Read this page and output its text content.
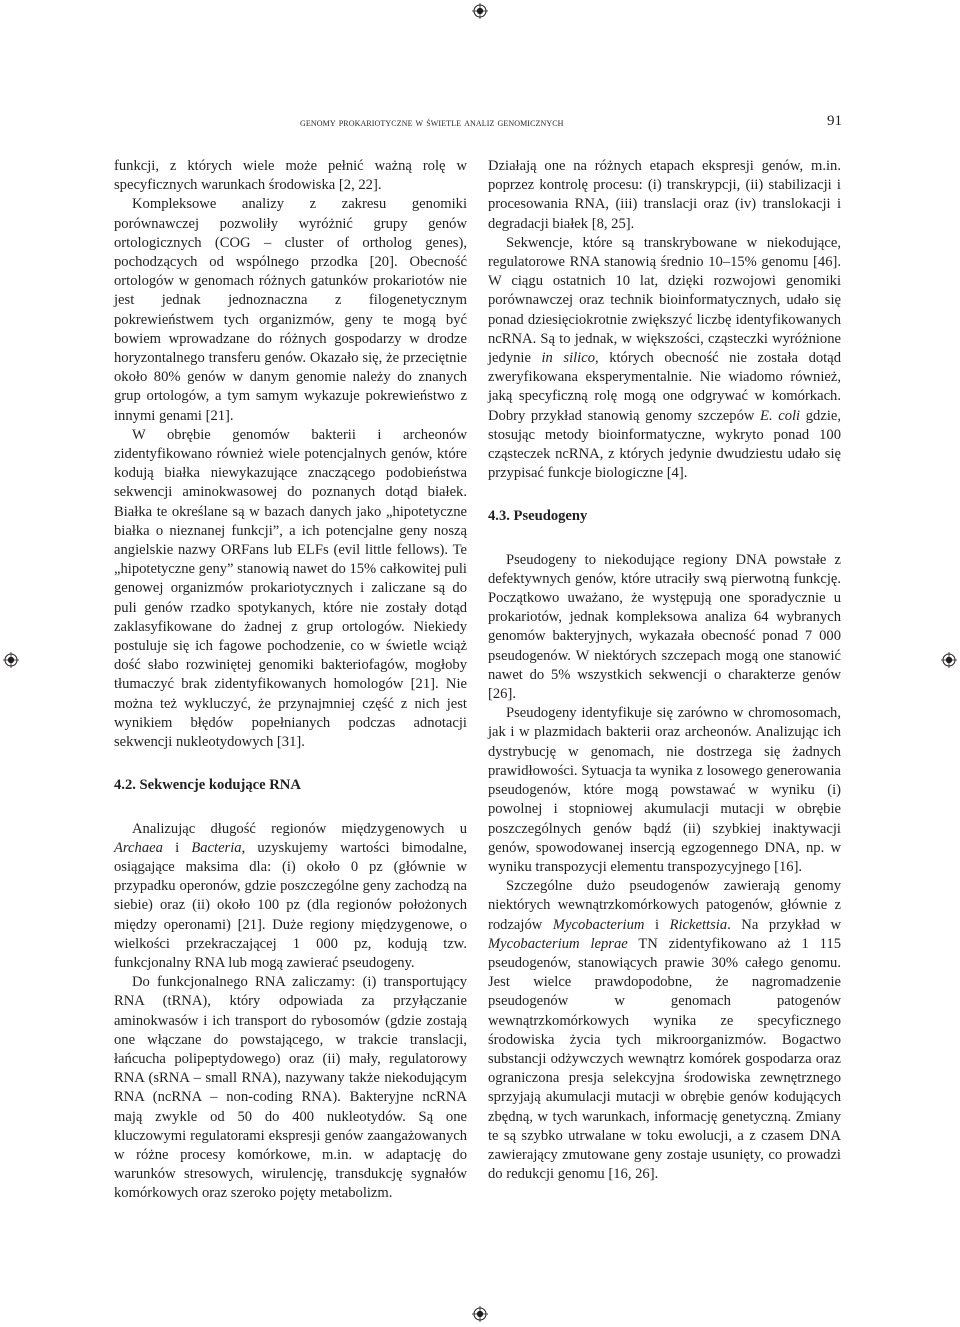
genomy prokariotyczne w świetle analiz genomicznych	91

funkcji, z których wiele może pełnić ważną rolę w specyficznych warunkach środowiska [2, 22].

Kompleksowe analizy z zakresu genomiki porównawczej pozwoliły wyróżnić grupy genów ortologicznych (COG – cluster of ortholog genes), pochodzących od wspólnego przodka [20]. Obecność ortologów w genomach różnych gatunków prokariotów nie jest jednak jednoznaczna z filogenetycznym pokrewieństwem tych organizmów, geny te mogą być bowiem wprowadzane do różnych gospodarzy w drodze horyzontalnego transferu genów. Okazało się, że przeciętnie około 80% genów w danym genomie należy do znanych grup ortologów, a tym samym wykazuje pokrewieństwo z innymi genami [21].

W obrębie genomów bakterii i archeonów zidentyfikowano również wiele potencjalnych genów, które kodują białka niewykazujące znaczącego podobieństwa sekwencji aminokwasowej do poznanych dotąd białek. Białka te określane są w bazach danych jako „hipotetyczne białka o nieznanej funkcji”, a ich potencjalne geny noszą angielskie nazwy ORFans lub ELFs (evil little fellows). Te „hipotetyczne geny” stanowią nawet do 15% całkowitej puli genowej organizmów prokariotycznych i zaliczane są do puli genów rzadko spotykanych, które nie zostały dotąd zaklasyfikowane do żadnej z grup ortologów. Niekiedy postuluje się ich fagowe pochodzenie, co w świetle wciąż dość słabo rozwiniętej genomiki bakteriofagów, mogłoby tłumaczyć brak zidentyfikowanych homologów [21]. Nie można też wykluczyć, że przynajmniej część z nich jest wynikiem błędów popełnianych podczas adnotacji sekwencji nukleotydowych [31].

4.2. Sekwencje kodujące RNA

Analizując długość regionów międzygenowych u Archaea i Bacteria, uzyskujemy wartości bimodalne, osiągające maksima dla: (i) około 0 pz (głównie w przypadku operonów, gdzie poszczególne geny zachodzą na siebie) oraz (ii) około 100 pz (dla regionów położonych między operonami) [21]. Duże regiony międzygenowe, o wielkości przekraczającej 1 000 pz, kodują tzw. funkcjonalny RNA lub mogą zawierać pseudogeny.

Do funkcjonalnego RNA zaliczamy: (i) transportujący RNA (tRNA), który odpowiada za przyłączanie aminokwasów i ich transport do rybosomów (gdzie zostają one włączane do powstającego, w trakcie translacji, łańcucha polipeptydowego) oraz (ii) mały, regulatorowy RNA (sRNA – small RNA), nazywany także niekodującym RNA (ncRNA – non-coding RNA). Bakteryjne ncRNA mają zwykle od 50 do 400 nukleotydów. Są one kluczowymi regulatorami ekspresji genów zaangażowanych w różne procesy komórkowe, m.in. w adaptację do warunków stresowych, wirulencję, transdukcję sygnałów komórkowych oraz szeroko pojęty metabolizm.

Działają one na różnych etapach ekspresji genów, m.in. poprzez kontrolę procesu: (i) transkrypcji, (ii) stabilizacji i procesowania RNA, (iii) translacji oraz (iv) translokacji i degradacji białek [8, 25].

Sekwencje, które są transkrybowane w niekodujące, regulatorowe RNA stanowią średnio 10–15% genomu [46]. W ciągu ostatnich 10 lat, dzięki rozwojowi genomiki porównawczej oraz technik bioinformatycznych, udało się ponad dziesięciokrotnie zwiększyć liczbę identyfikowanych ncRNA. Są to jednak, w większości, cząsteczki wyróżnione jedynie in silico, których obecność nie została dotąd zweryfikowana eksperymentalnie. Nie wiadomo również, jaką specyficzną rolę mogą one odgrywać w komórkach. Dobry przykład stanowią genomy szczepów E. coli gdzie, stosując metody bioinformatyczne, wykryto ponad 100 cząsteczek ncRNA, z których jedynie dwudziestu udało się przypisać funkcje biologiczne [4].

4.3. Pseudogeny

Pseudogeny to niekodujące regiony DNA powstałe z defektywnych genów, które utraciły swą pierwotną funkcję. Początkowo uważano, że występują one sporadycznie u prokariotów, jednak kompleksowa analiza 64 wybranych genomów bakteryjnych, wykazała obecność ponad 7 000 pseudogenów. W niektórych szczepach mogą one stanowić nawet do 5% wszystkich sekwencji o charakterze genów [26].

Pseudogeny identyfikuje się zarówno w chromosomach, jak i w plazmidach bakterii oraz archeonów. Analizując ich dystrybucję w genomach, nie dostrzega się żadnych prawidłowości. Sytuacja ta wynika z losowego generowania pseudogenów, które mogą powstawać w wyniku (i) powolnej i stopniowej akumulacji mutacji w obrębie poszczególnych genów bądź (ii) szybkiej inaktywacji genów, spowodowanej insercją egzogennego DNA, np. w wyniku transpozycji elementu transpozycyjnego [16].

Szczególne dużo pseudogenów zawierają genomy niektórych wewnątrzkomórkowych patogenów, głównie z rodzajów Mycobacterium i Rickettsia. Na przykład w Mycobacterium leprae TN zidentyfikowano aż 1 115 pseudogenów, stanowiących prawie 30% całego genomu. Jest wielce prawdopodobne, że nagromadzenie pseudogenów w genomach patogenów wewnątrzkomórkowych wynika ze specyficznego środowiska życia tych mikroorganizmów. Bogactwo substancji odżywczych wewnątrz komórek gospodarza oraz ograniczona presja selekcyjna środowiska zewnętrznego sprzyjają akumulacji mutacji w obrębie genów kodujących zbędną, w tych warunkach, informację genetyczną. Zmiany te są szybko utrwalane w toku ewolucji, a z czasem DNA zawierający zmutowane geny zostaje usunięty, co prowadzi do redukcji genomu [16, 26].
